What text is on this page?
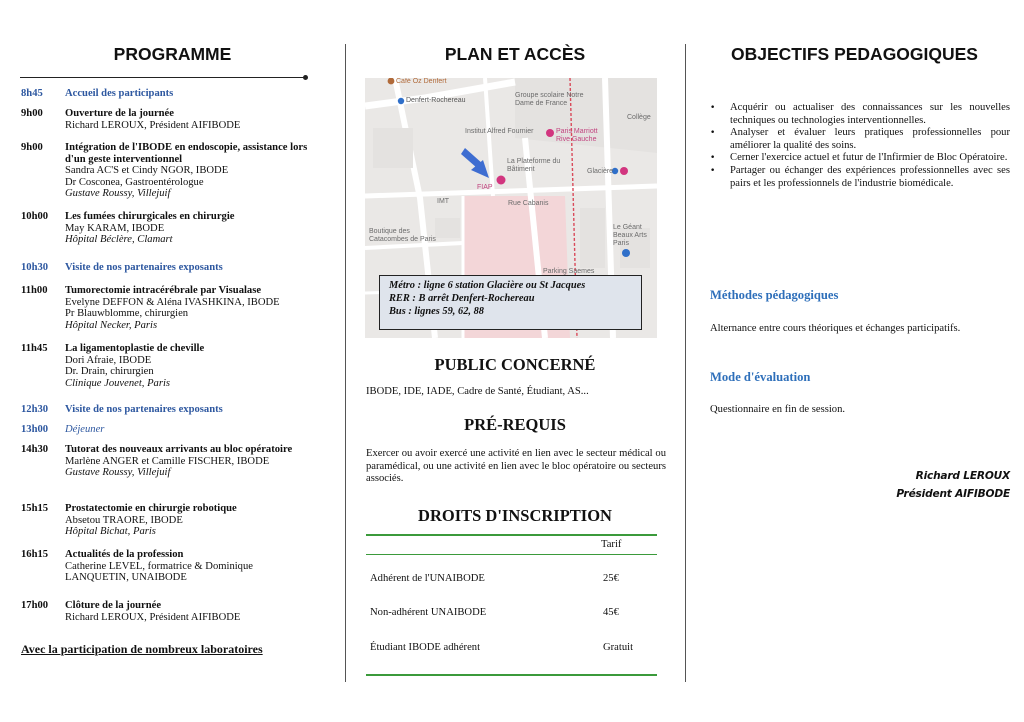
PROGRAMME
8h45	Accueil des participants
9h00	Ouverture de la journée
Richard LEROUX, Président AIFIBODE
9h00	Intégration de l'IBODE en endoscopie, assistance lors d'un geste interventionnel
Sandra AC'S et Cindy NGOR, IBODE
Dr Cosconea, Gastroentérologue
Gustave Roussy, Villejuif
10h00	Les fumées chirurgicales en chirurgie
May KARAM, IBODE
Hôpital Béclère, Clamart
10h30	Visite de nos partenaires exposants
11h00	Tumorectomie intracérébrale par Visualase
Evelyne DEFFON & Aléna IVASHKINA, IBODE
Pr Blauwblomme, chirurgien
Hôpital Necker, Paris
11h45	La ligamentoplastie de cheville
Dori Afraie, IBODE
Dr. Drain, chirurgien
Clinique Jouvenet, Paris
12h30	Visite de nos partenaires exposants
13h00	Déjeuner
14h30	Tutorat des nouveaux arrivants au bloc opératoire
Marlène ANGER et Camille FISCHER, IBODE
Gustave Roussy, Villejuif
15h15	Prostatectomie en chirurgie robotique
Absetou TRAORE, IBODE
Hôpital Bichat, Paris
16h15	Actualités de la profession
Catherine LEVEL, formatrice & Dominique
LANQUETIN, UNAIBODE
17h00	Clôture de la journée
Richard LEROUX, Président AIFIBODE
Avec la participation de nombreux laboratoires
PLAN ET ACCÈS
Café Oz Denfert
Denfert-Rochereau
Groupe scolaire Notre Dame de France
Institut Alfred Fournier	Paris Marriott Rive Gauche
La Plateforme du Bâtiment	Glacière
FIAP
IMT	Rue Cabanis
Boutique des Catacombes de Paris
Collège
Le Géant Beaux Arts Paris
Parking Saemes
Métro : ligne 6 station Glacière ou St Jacques
RER : B arrêt Denfert-Rochereau
Bus : lignes 59, 62, 88
PUBLIC CONCERNÉ
IBODE, IDE, IADE, Cadre de Santé, Étudiant, AS...
PRÉ-REQUIS
Exercer ou avoir exercé une activité en lien avec le secteur médical ou paramédical, ou une activité en lien avec le bloc opératoire ou secteurs associés.
DROITS D'INSCRIPTION
Tarif
Adhérent de l'UNAIBODE	25€
Non-adhérent UNAIBODE	45€
Étudiant IBODE adhérent	Gratuit
OBJECTIFS PEDAGOGIQUES
• Acquérir ou actualiser des connaissances sur les nouvelles techniques ou technologies interventionnelles.
• Analyser et évaluer leurs pratiques professionnelles pour améliorer la qualité des soins.
• Cerner l'exercice actuel et futur de l'Infirmier de Bloc Opératoire.
• Partager ou échanger des expériences professionnelles avec ses pairs et les professionnels de l'industrie biomédicale.
Méthodes pédagogiques
Alternance entre cours théoriques et échanges participatifs.
Mode d'évaluation
Questionnaire en fin de session.
Richard LEROUX
Président AIFIBODE
